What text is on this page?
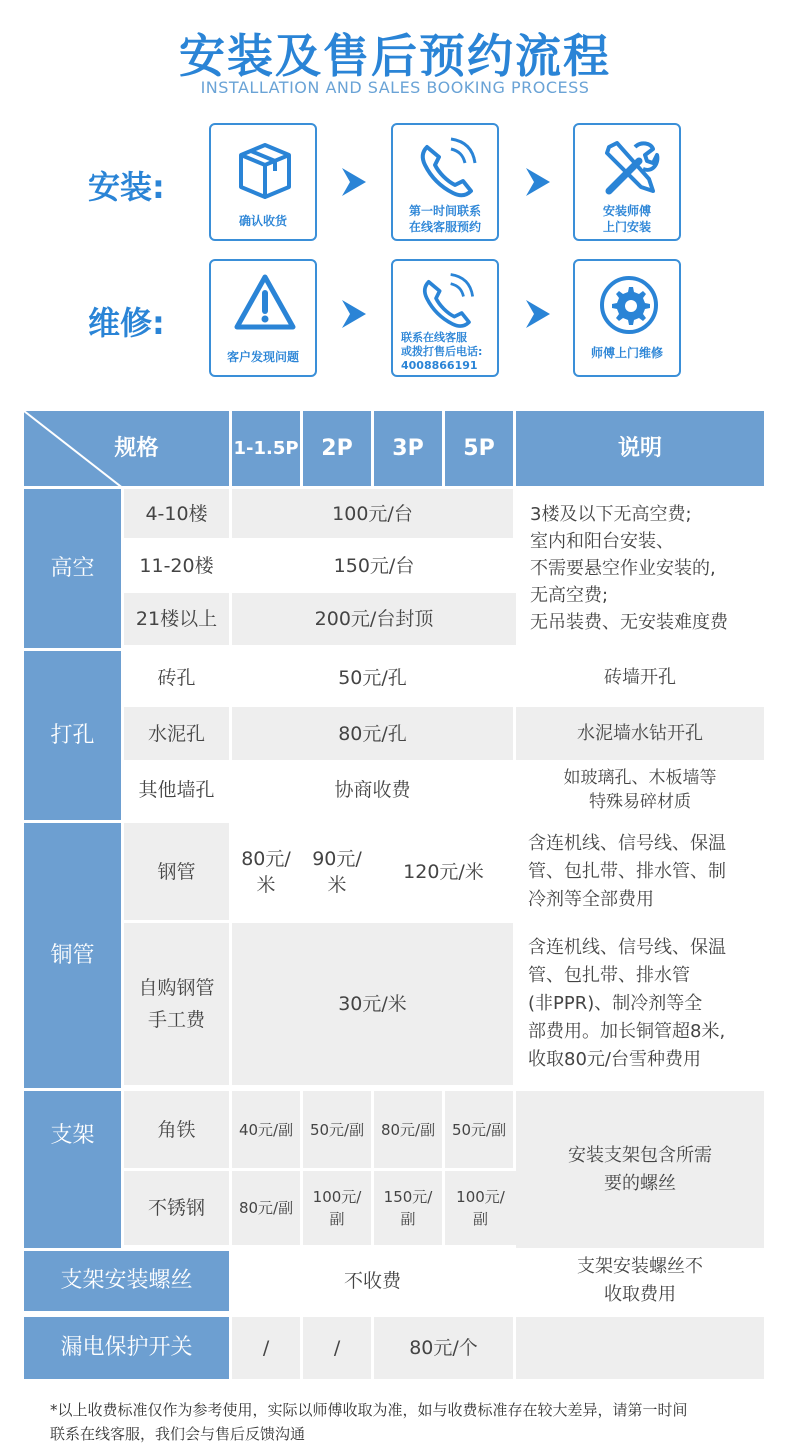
安装及售后预约流程
INSTALLATION AND SALES BOOKING PROCESS
安装:
确认收货
第一时间联系
在线客服预约
安装师傅
上门安装
维修:
客户发现问题
联系在线客服
或拨打售后电话:
4008866191
师傅上门维修
规格		1-1.5P	2P	3P	5P	说明
高空	4-10楼	100元/台				3楼及以下无高空费;
室内和阳台安装、
不需要悬空作业安装的,
无高空费;
无吊装费、无安装难度费
	11-20楼	150元/台				
	21楼以上	200元/台封顶				
打孔	砖孔	50元/孔				砖墙开孔
	水泥孔	80元/孔				水泥墙水钻开孔
	其他墙孔	协商收费				如玻璃孔、木板墙等
特殊易碎材质
铜管	钢管	80元/
米	90元/
米	120元/米		含连机线、信号线、保温
管、包扎带、排水管、制
冷剂等全部费用
	自购钢管
手工费	30元/米				含连机线、信号线、保温
管、包扎带、排水管
(非PPR)、制冷剂等全
部费用。加长铜管超8米,
收取80元/台雪种费用
支架	角铁	40元/副	50元/副	80元/副	50元/副	安装支架包含所需
要的螺丝
	不锈钢	80元/副	100元/
副	150元/
副	100元/
副	
支架安装螺丝		不收费				支架安装螺丝不
收取费用
漏电保护开关		/	/	80元/个		
*以上收费标准仅作为参考使用，实际以师傅收取为准，如与收费标准存在较大差异，请第一时间
联系在线客服，我们会与售后反馈沟通
